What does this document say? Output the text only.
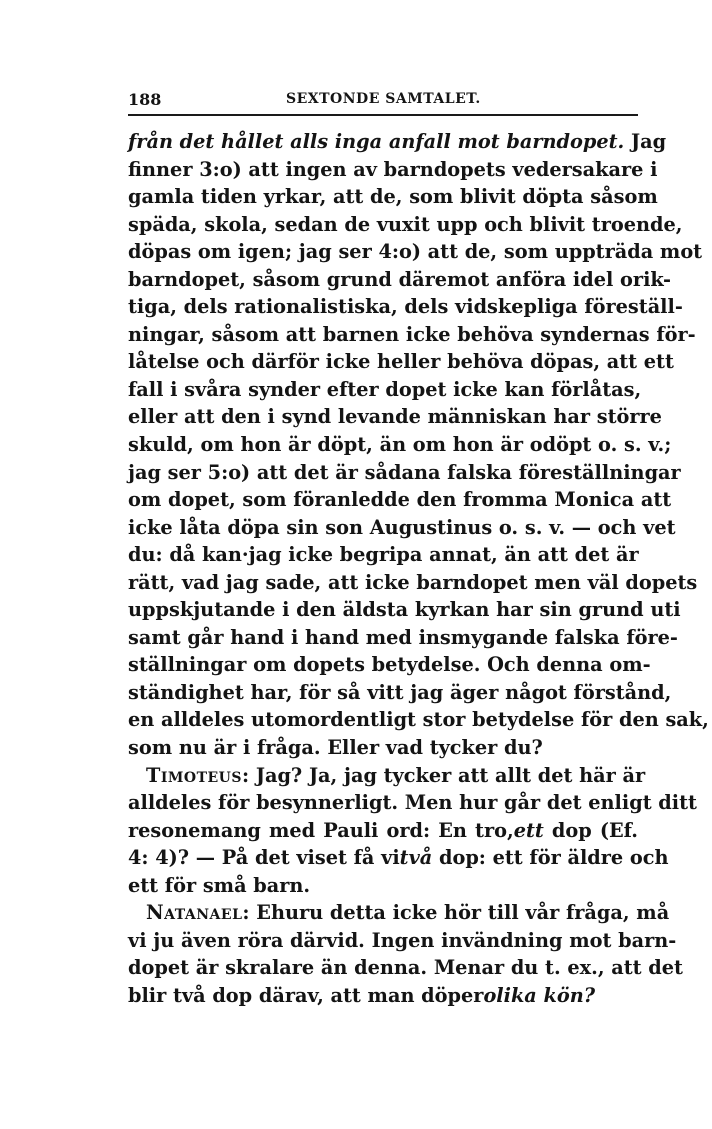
188	SEXTONDE SAMTALET.
från det hållet alls inga anfall mot barndopet. Jag
finner 3:o) att ingen av barndopets vedersakare i
gamla tiden yrkar, att de, som blivit döpta såsom
späda, skola, sedan de vuxit upp och blivit troende,
döpas om igen; jag ser 4:o) att de, som uppträda mot
barndopet, såsom grund däremot anföra idel orik-
tiga, dels rationalistiska, dels vidskepliga föreställ-
ningar, såsom att barnen icke behöva syndernas för-
låtelse och därför icke heller behöva döpas, att ett
fall i svåra synder efter dopet icke kan förlåtas,
eller att den i synd levande människan har större
skuld, om hon är döpt, än om hon är odöpt o. s. v.;
jag ser 5:o) att det är sådana falska föreställningar
om dopet, som föranledde den fromma Monica att
icke låta döpa sin son Augustinus o. s. v. — och vet
du: då kan·jag icke begripa annat, än att det är
rätt, vad jag sade, att icke barndopet men väl dopets
uppskjutande i den äldsta kyrkan har sin grund uti
samt går hand i hand med insmygande falska före-
ställningar om dopets betydelse. Och denna om-
ständighet har, för så vitt jag äger något förstånd,
en alldeles utomordentligt stor betydelse för den sak,
som nu är i fråga. Eller vad tycker du?
Timoteus: Jag? Ja, jag tycker att allt det här är
alldeles för besynnerligt. Men hur går det enligt ditt
resonemang med Pauli ord: En tro,ett dop (Ef.
4: 4)? — På det viset få vitvå dop: ett för äldre och
ett för små barn.
Natanael: Ehuru detta icke hör till vår fråga, må
vi ju även röra därvid. Ingen invändning mot barn-
dopet är skralare än denna. Menar du t. ex., att det
blir två dop därav, att man döperolika kön?
